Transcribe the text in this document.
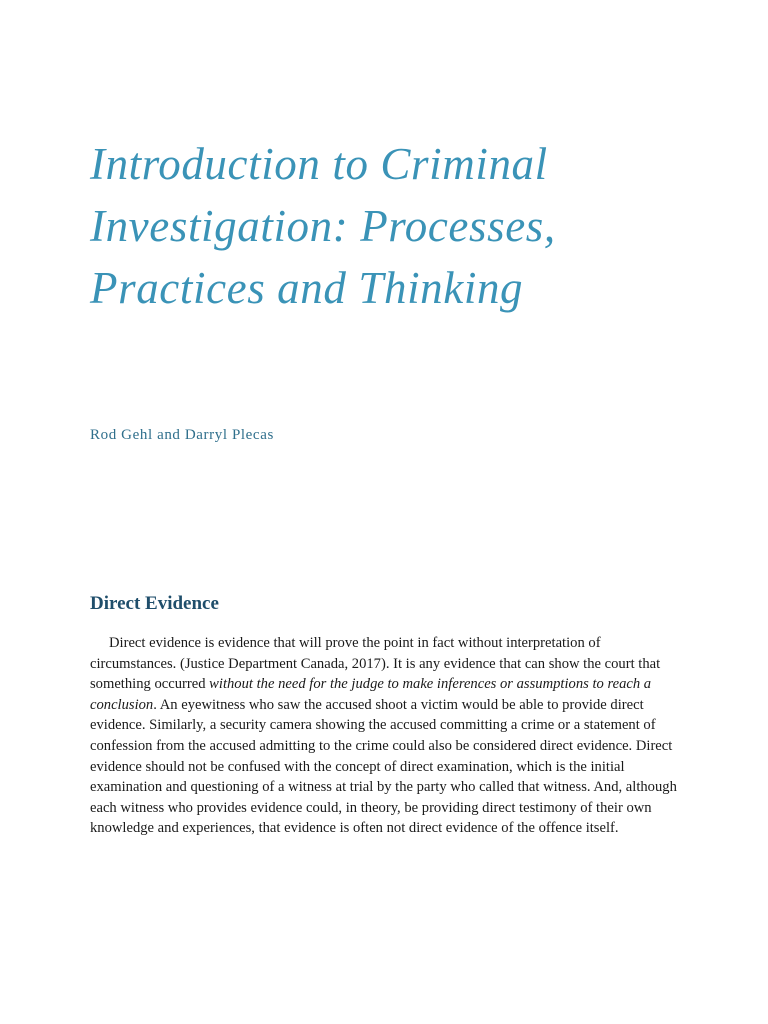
Introduction to Criminal Investigation: Processes, Practices and Thinking

Rod Gehl and Darryl Plecas

Direct Evidence

Direct evidence is evidence that will prove the point in fact without interpretation of circumstances. (Justice Department Canada, 2017). It is any evidence that can show the court that something occurred without the need for the judge to make inferences or assumptions to reach a conclusion. An eyewitness who saw the accused shoot a victim would be able to provide direct evidence. Similarly, a security camera showing the accused committing a crime or a statement of confession from the accused admitting to the crime could also be considered direct evidence. Direct evidence should not be confused with the concept of direct examination, which is the initial examination and questioning of a witness at trial by the party who called that witness. And, although each witness who provides evidence could, in theory, be providing direct testimony of their own knowledge and experiences, that evidence is often not direct evidence of the offence itself.
